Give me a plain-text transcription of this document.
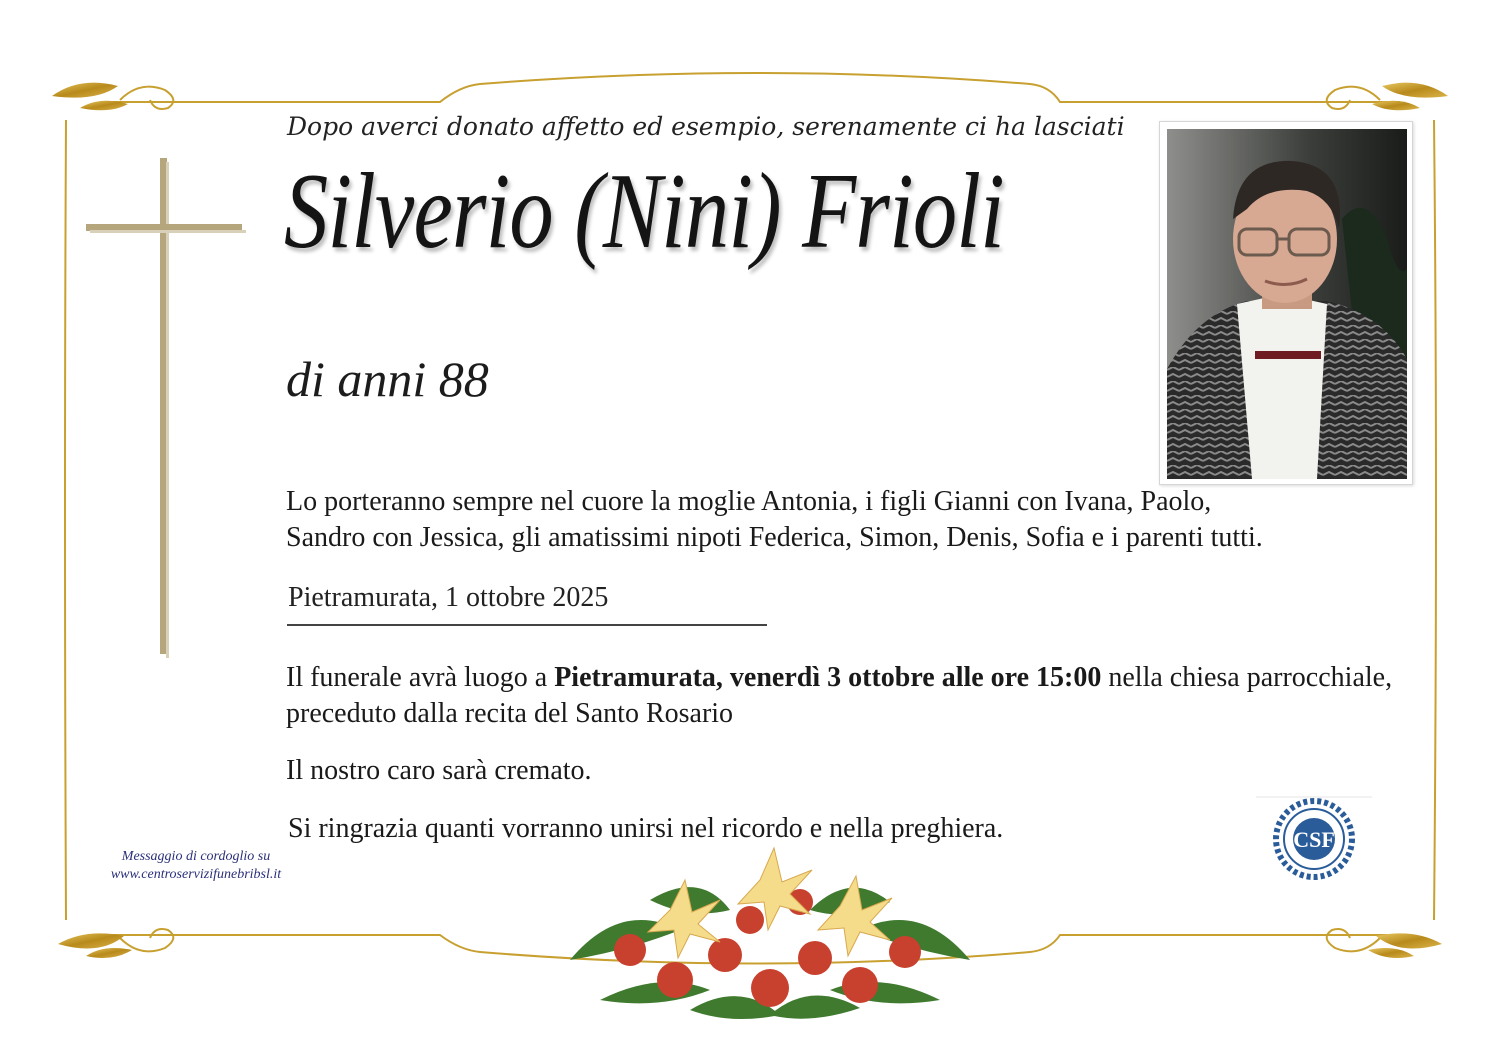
Dopo averci donato affetto ed esempio, serenamente ci ha lasciati
Silverio (Nini) Frioli
di anni 88
Lo porteranno sempre nel cuore la moglie Antonia, i figli Gianni con Ivana, Paolo,
Sandro con Jessica, gli amatissimi nipoti Federica, Simon, Denis, Sofia e i parenti tutti.
Pietramurata, 1 ottobre 2025
Il funerale avrà luogo a Pietramurata, venerdì 3 ottobre alle ore 15:00 nella chiesa parrocchiale,
preceduto dalla recita del Santo Rosario
Il nostro caro sarà cremato.
Si ringrazia quanti vorranno unirsi nel ricordo e nella preghiera.
Messaggio di cordoglio su
www.centroservizifunebribsl.it
CSF
